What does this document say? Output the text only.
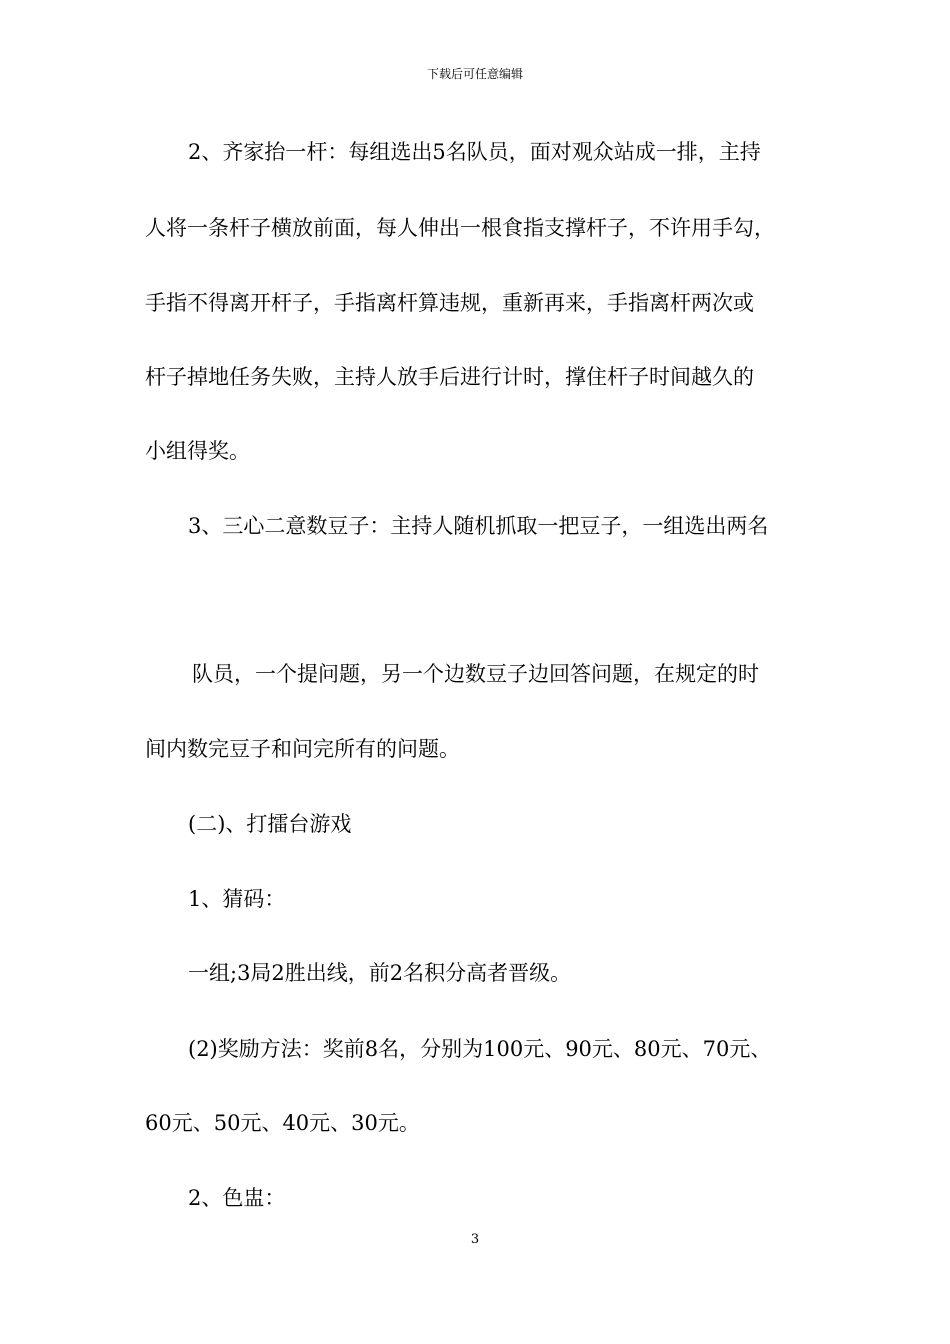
下载后可任意编辑
2、齐家抬一杆：每组选出5名队员，面对观众站成一排，主持
人将一条杆子横放前面，每人伸出一根食指支撑杆子，不许用手勾，
手指不得离开杆子，手指离杆算违规，重新再来，手指离杆两次或
杆子掉地任务失败，主持人放手后进行计时，撑住杆子时间越久的
小组得奖。
3、三心二意数豆子：主持人随机抓取一把豆子，一组选出两名
队员，一个提问题，另一个边数豆子边回答问题，在规定的时
间内数完豆子和问完所有的问题。
(二)、打擂台游戏
1、猜码：
一组;3局2胜出线，前2名积分高者晋级。
(2)奖励方法：奖前8名，分别为100元、90元、80元、70元、
60元、50元、40元、30元。
2、色盅：
3
